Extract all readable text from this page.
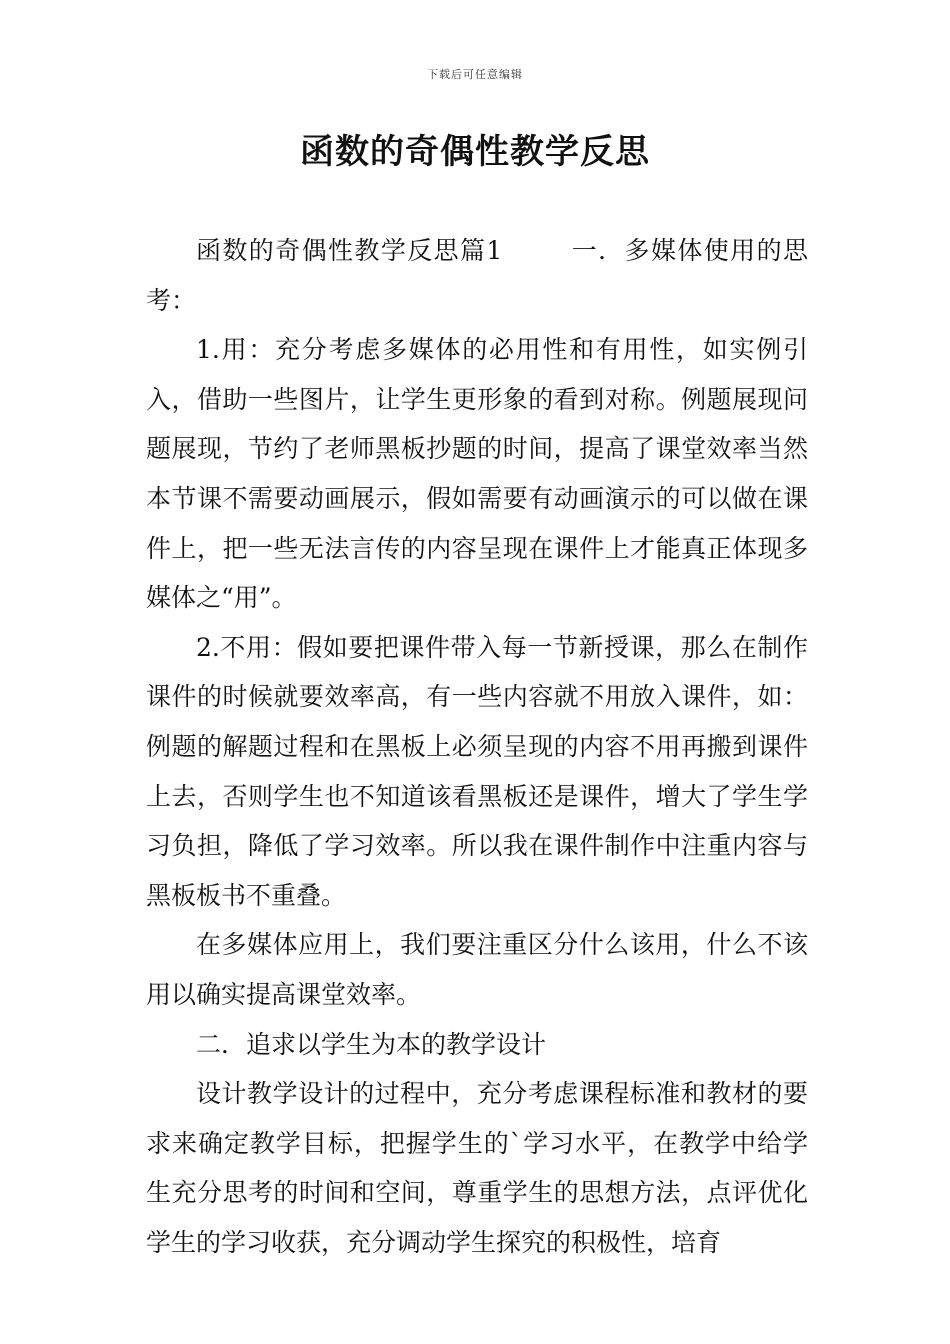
下载后可任意编辑
函数的奇偶性教学反思

函数的奇偶性教学反思篇1	一．多媒体使用的思考：

1.用：充分考虑多媒体的必用性和有用性，如实例引入，借助一些图片，让学生更形象的看到对称。例题展现问题展现，节约了老师黑板抄题的时间，提高了课堂效率当然本节课不需要动画展示，假如需要有动画演示的可以做在课件上，把一些无法言传的内容呈现在课件上才能真正体现多媒体之“用”。

2.不用：假如要把课件带入每一节新授课，那么在制作课件的时候就要效率高，有一些内容就不用放入课件，如：例题的解题过程和在黑板上必须呈现的内容不用再搬到课件上去，否则学生也不知道该看黑板还是课件，增大了学生学习负担，降低了学习效率。所以我在课件制作中注重内容与黑板板书不重叠。

在多媒体应用上，我们要注重区分什么该用，什么不该用以确实提高课堂效率。

二．追求以学生为本的教学设计

设计教学设计的过程中，充分考虑课程标准和教材的要求来确定教学目标，把握学生的`学习水平，在教学中给学生充分思考的时间和空间，尊重学生的思想方法，点评优化学生的学习收获，充分调动学生探究的积极性，培育
